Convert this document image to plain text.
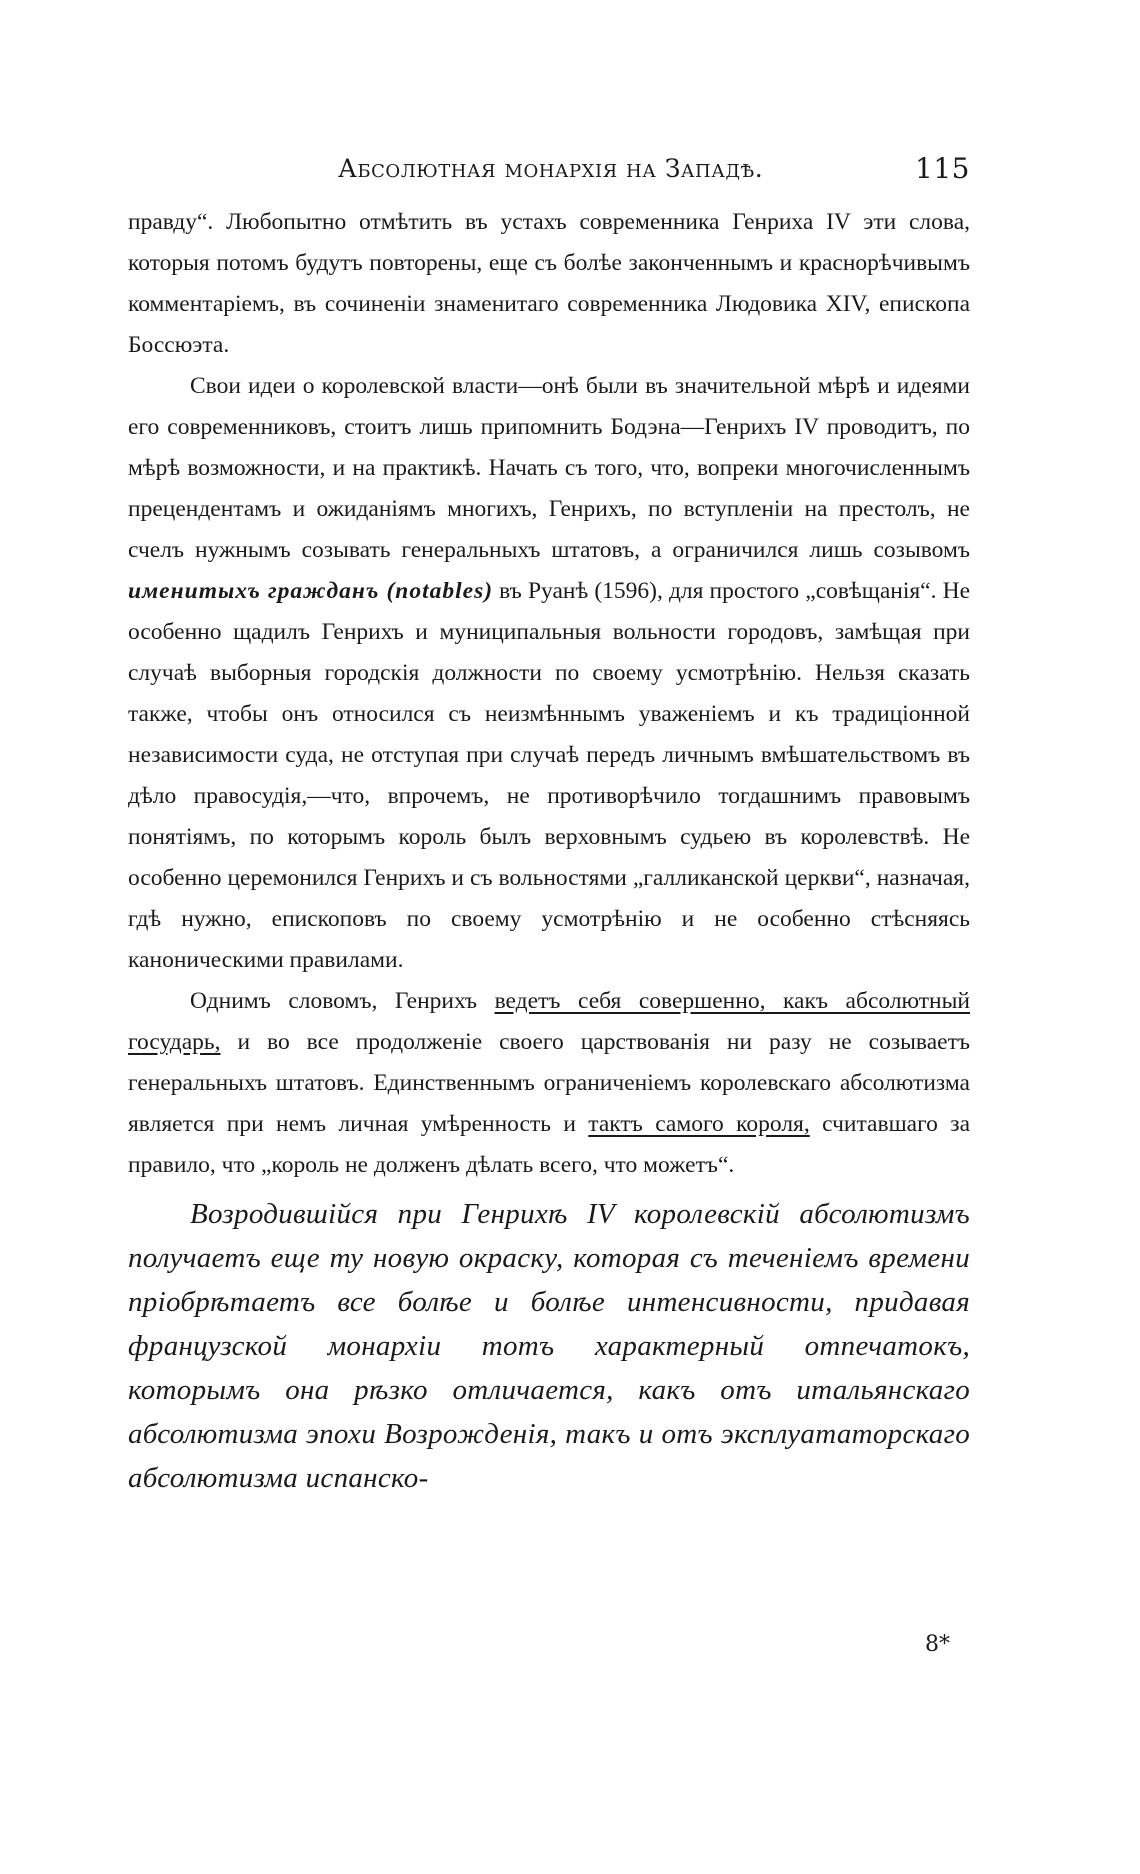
Абсолютная монархія на Западѣ.	115

правду“. Любопытно отмѣтить въ устахъ современника Генриха IV эти слова, которыя потомъ будутъ повторены, еще съ болѣе законченнымъ и краснорѣчивымъ комментаріемъ, въ сочиненіи знаменитаго современника Людовика XIV, епископа Боссюэта.

Свои идеи о королевской власти—онѣ были въ значительной мѣрѣ и идеями его современниковъ, стоитъ лишь припомнить Бодэна—Генрихъ IV проводитъ, по мѣрѣ возможности, и на практикѣ. Начать съ того, что, вопреки многочисленнымъ прецендентамъ и ожиданіямъ многихъ, Генрихъ, по вступленіи на престолъ, не счелъ нужнымъ созывать генеральныхъ штатовъ, а ограничился лишь созывомъ именитыхъ гражданъ (notables) въ Руанѣ (1596), для простого „совѣщанія“. Не особенно щадилъ Генрихъ и муниципальныя вольности городовъ, замѣщая при случаѣ выборныя городскія должности по своему усмотрѣнію. Нельзя сказать также, чтобы онъ относился съ неизмѣннымъ уваженіемъ и къ традиціонной независимости суда, не отступая при случаѣ передъ личнымъ вмѣшательствомъ въ дѣло правосудія,—что, впрочемъ, не противорѣчило тогдашнимъ правовымъ понятіямъ, по которымъ король былъ верховнымъ судьею въ королевствѣ. Не особенно церемонился Генрихъ и съ вольностями „галликанской церкви“, назначая, гдѣ нужно, епископовъ по своему усмотрѣнію и не особенно стѣсняясь каноническими правилами.

Однимъ словомъ, Генрихъ ведетъ себя совершенно, какъ абсолютный государь, и во все продолженіе своего царствованія ни разу не созываетъ генеральныхъ штатовъ. Единственнымъ ограниченіемъ королевскаго абсолютизма является при немъ личная умѣренность и тактъ самого короля, считавшаго за правило, что „король не долженъ дѣлать всего, что можетъ“.

Возродившійся при Генрихѣ IV королевскій абсолютизмъ получаетъ еще ту новую окраску, которая съ теченіемъ времени пріобрѣтаетъ все болѣе и болѣе интенсивности, придавая французской монархіи тотъ характерный отпечатокъ, которымъ она рѣзко отличается, какъ отъ итальянскаго абсолютизма эпохи Возрожденія, такъ и отъ эксплуататорскаго абсолютизма испанско-

8*
